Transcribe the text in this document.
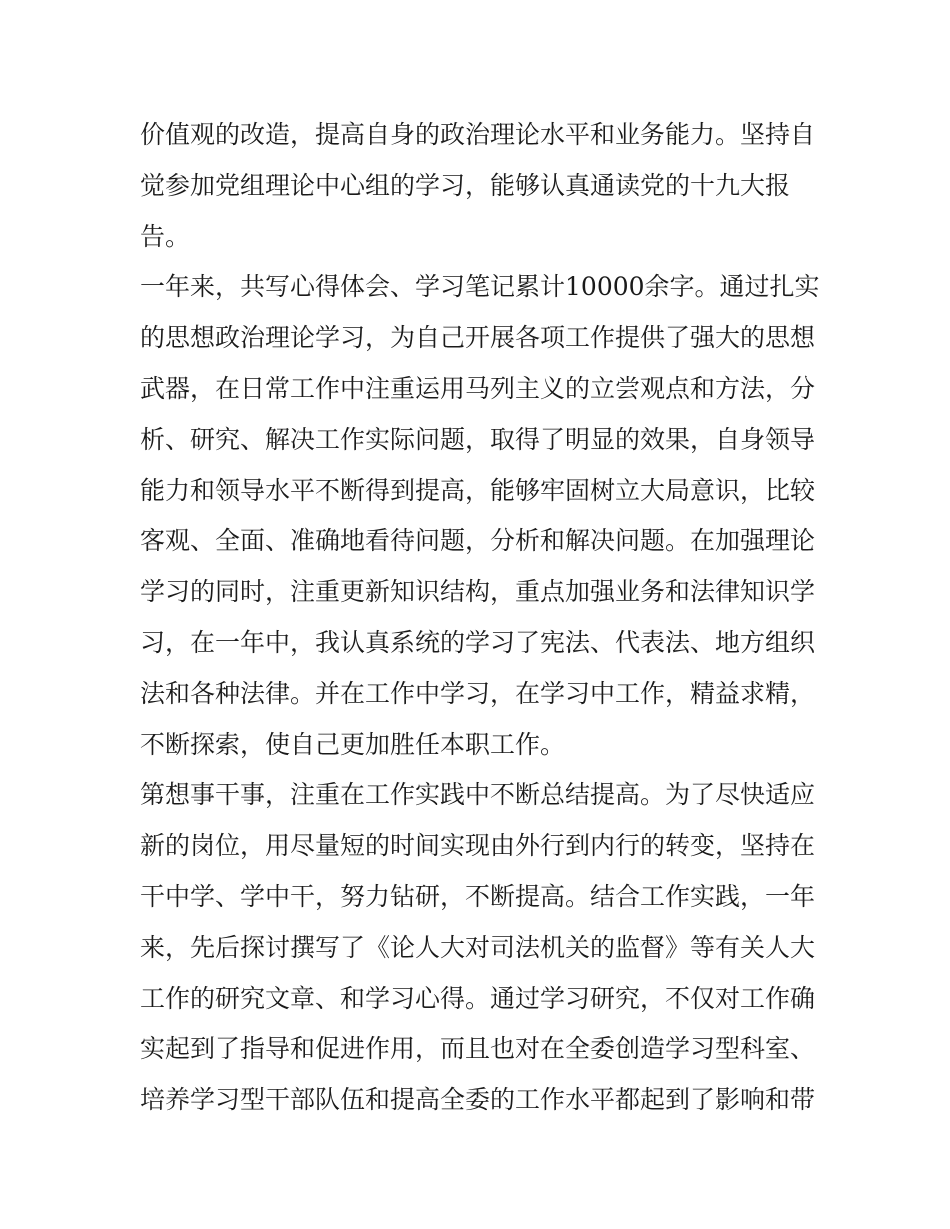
价值观的改造，提高自身的政治理论水平和业务能力。坚持自
觉参加党组理论中心组的学习，能够认真通读党的十九大报
告。
一年来，共写心得体会、学习笔记累计10000余字。通过扎实
的思想政治理论学习，为自己开展各项工作提供了强大的思想
武器，在日常工作中注重运用马列主义的立尝观点和方法，分
析、研究、解决工作实际问题，取得了明显的效果，自身领导
能力和领导水平不断得到提高，能够牢固树立大局意识，比较
客观、全面、准确地看待问题，分析和解决问题。在加强理论
学习的同时，注重更新知识结构，重点加强业务和法律知识学
习，在一年中，我认真系统的学习了宪法、代表法、地方组织
法和各种法律。并在工作中学习，在学习中工作，精益求精，
不断探索，使自己更加胜任本职工作。
第想事干事，注重在工作实践中不断总结提高。为了尽快适应
新的岗位，用尽量短的时间实现由外行到内行的转变，坚持在
干中学、学中干，努力钻研，不断提高。结合工作实践，一年
来，先后探讨撰写了《论人大对司法机关的监督》等有关人大
工作的研究文章、和学习心得。通过学习研究，不仅对工作确
实起到了指导和促进作用，而且也对在全委创造学习型科室、
培养学习型干部队伍和提高全委的工作水平都起到了影响和带
